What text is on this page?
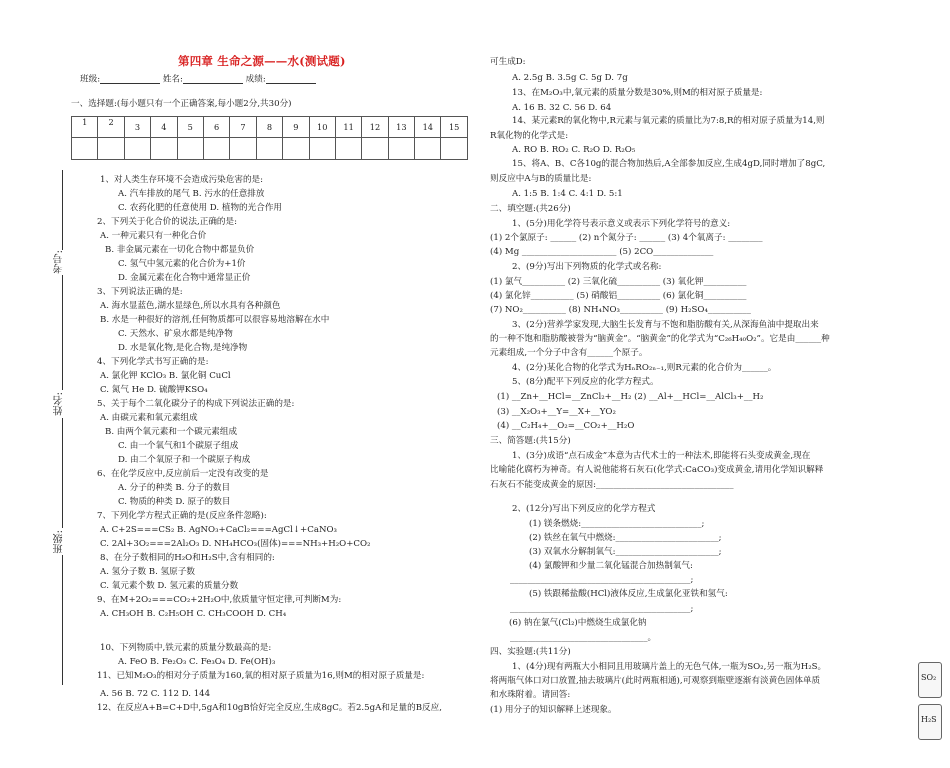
第四章 生命之源——水(测试题)
班级:	姓名:	成绩:
一、选择题:(每小题只有一个正确答案,每小题2分,共30分)
1	2	3	4	5	6	7	8	9	10	11	12	13	14	15

考号:
姓名:
班级:
1、对人类生存环境不会造成污染危害的是:
A. 汽车排放的尾气 B. 污水的任意排放
C. 农药化肥的任意使用 D. 植物的光合作用
2、下列关于化合价的说法,正确的是:
A. 一种元素只有一种化合价
B. 非金属元素在一切化合物中都显负价
C. 氢气中氢元素的化合价为+1价
D. 金属元素在化合物中通常显正价
3、下列说法正确的是:
A. 海水显蓝色,湖水显绿色,所以水具有各种颜色
B. 水是一种很好的溶剂,任何物质都可以很容易地溶解在水中
C. 天然水、矿泉水都是纯净物
D. 水是氧化物,是化合物,是纯净物
4、下列化学式书写正确的是:
A. 氯化钾 KClO₃ B. 氯化铜 CuCl
C. 氮气 He D. 硫酸钾KSO₄
5、关于每个二氧化碳分子的构成下列说法正确的是:
A. 由碳元素和氧元素组成
B. 由两个氧元素和一个碳元素组成
C. 由一个氧气和1个碳原子组成
D. 由二个氧原子和一个碳原子构成
6、在化学反应中,反应前后一定没有改变的是
A. 分子的种类 B. 分子的数目
C. 物质的种类 D. 原子的数目
7、下列化学方程式正确的是(反应条件忽略):
A. C+2S===CS₂ B. AgNO₃+CaCl₂===AgCl↓+CaNO₃
C. 2Al+3O₂===2Al₂O₃ D. NH₄HCO₃(固体)===NH₃+H₂O+CO₂
8、在分子数相同的H₂O和H₂S中,含有相同的:
A. 氢分子数 B. 氢原子数
C. 氧元素个数 D. 氢元素的质量分数
9、在M+2O₂===CO₂+2H₂O中,依质量守恒定律,可判断M为:
A. CH₃OH B. C₂H₅OH C. CH₃COOH D. CH₄
10、下列物质中,铁元素的质量分数最高的是:
A. FeO B. Fe₂O₃ C. Fe₃O₄ D. Fe(OH)₃
11、已知M₂O₃的相对分子质量为160,氧的相对原子质量为16,则M的相对原子质量是:
A. 56 B. 72 C. 112 D. 144
12、在反应A+B=C+D中,5gA和10gB恰好完全反应,生成8gC。若2.5gA和足量的B反应,
可生成D:
A. 2.5g B. 3.5g C. 5g D. 7g
13、在M₂O₃中,氧元素的质量分数是30%,则M的相对原子质量是:
A. 16 B. 32 C. 56 D. 64
14、某元素R的氧化物中,R元素与氧元素的质量比为7:8,R的相对原子质量为14,则
R氧化物的化学式是:
A. RO B. RO₂ C. R₂O D. R₂O₅
15、将A、B、C各10g的混合物加热后,A全部参加反应,生成4gD,同时增加了8gC,
则反应中A与B的质量比是:
A. 1:5 B. 1:4 C. 4:1 D. 5:1
二、填空题:(共26分)
1、(5分)用化学符号表示意义或表示下列化学符号的意义:
(1) 2个氯原子: ______ (2) n个氮分子: ______ (3) 4个氧离子: ________
(4) Mg ______________________ (5) 2CO______________
2、(9分)写出下列物质的化学式或名称:
(1) 氯气__________ (2) 三氧化硫__________ (3) 氧化钾__________
(4) 氯化锌__________ (5) 硝酸铝__________ (6) 氯化铜__________
(7) NO₂__________ (8) NH₄NO₃__________ (9) H₂SO₄__________
3、(2分)营养学家发现,大脑生长发育与不饱和脂肪酸有关,从深海鱼油中提取出来
的一种不饱和脂肪酸被誉为“脑黄金”。“脑黄金”的化学式为“C₂₆H₄₀O₂”。它是由______种
元素组成,一个分子中含有______个原子。
4、(2分)某化合物的化学式为HₙRO₂ₙ₋₁,则R元素的化合价为______。
5、(8分)配平下列反应的化学方程式。
(1) __Zn+__HCl=__ZnCl₂+__H₂ (2) __Al+__HCl=__AlCl₃+__H₂
(3) __X₂O₃+__Y=__X+__YO₂
(4) __C₂H₄+__O₂=__CO₂+__H₂O
三、简答题:(共15分)
1、(3分)成语“点石成金”本意为古代术士的一种法术,即能将石头变成黄金,现在
比喻能化腐朽为神奇。有人说他能将石灰石(化学式:CaCO₃)变成黄金,请用化学知识解释
石灰石不能变成黄金的原因:________________________________
2、(12分)写出下列反应的化学方程式
(1) 镁条燃烧:____________________________;
(2) 铁丝在氧气中燃烧:________________________;
(3) 双氧水分解制氧气:________________________;
(4) 氯酸钾和少量二氧化锰混合加热制氧气:
__________________________________________;
(5) 铁跟稀盐酸(HCl)液体反应,生成氯化亚铁和氢气:
__________________________________________;
(6) 钠在氯气(Cl₂)中燃烧生成氯化钠
________________________________。
四、实验题:(共11分)
1、(4分)现有两瓶大小相同且用玻璃片盖上的无色气体,一瓶为SO₂,另一瓶为H₂S。
将两瓶气体口对口放置,抽去玻璃片(此时两瓶相通),可观察到瓶壁逐渐有淡黄色固体单质
和水珠附着。请回答:
(1) 用分子的知识解释上述现象。
SO₂
H₂S
